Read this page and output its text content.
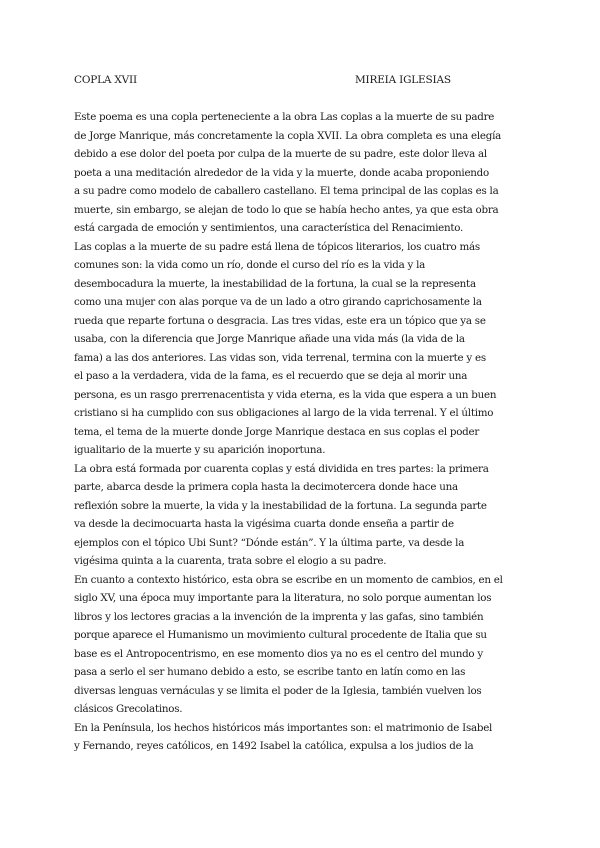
COPLA XVII	MIREIA IGLESIAS
Este poema es una copla perteneciente a la obra Las coplas a la muerte de su padre
de Jorge Manrique, más concretamente la copla XVII. La obra completa es una elegía
debido a ese dolor del poeta por culpa de la muerte de su padre, este dolor lleva al
poeta a una meditación alrededor de la vida y la muerte, donde acaba proponiendo
a su padre como modelo de caballero castellano. El tema principal de las coplas es la
muerte, sin embargo, se alejan de todo lo que se había hecho antes, ya que esta obra
está cargada de emoción y sentimientos, una característica del Renacimiento.
Las coplas a la muerte de su padre está llena de tópicos literarios, los cuatro más
comunes son: la vida como un río, donde el curso del río es la vida y la
desembocadura la muerte, la inestabilidad de la fortuna, la cual se la representa
como una mujer con alas porque va de un lado a otro girando caprichosamente la
rueda que reparte fortuna o desgracia. Las tres vidas, este era un tópico que ya se
usaba, con la diferencia que Jorge Manrique añade una vida más (la vida de la
fama) a las dos anteriores. Las vidas son, vida terrenal, termina con la muerte y es
el paso a la verdadera, vida de la fama, es el recuerdo que se deja al morir una
persona, es un rasgo prerrenacentista y vida eterna, es la vida que espera a un buen
cristiano si ha cumplido con sus obligaciones al largo de la vida terrenal. Y el último
tema, el tema de la muerte donde Jorge Manrique destaca en sus coplas el poder
igualitario de la muerte y su aparición inoportuna.
La obra está formada por cuarenta coplas y está dividida en tres partes: la primera
parte, abarca desde la primera copla hasta la decimotercera donde hace una
reflexión sobre la muerte, la vida y la inestabilidad de la fortuna. La segunda parte
va desde la decimocuarta hasta la vigésima cuarta donde enseña a partir de
ejemplos con el tópico Ubi Sunt? “Dónde están”. Y la última parte, va desde la
vigésima quinta a la cuarenta, trata sobre el elogio a su padre.
En cuanto a contexto histórico, esta obra se escribe en un momento de cambios, en el
siglo XV, una época muy importante para la literatura, no solo porque aumentan los
libros y los lectores gracias a la invención de la imprenta y las gafas, sino también
porque aparece el Humanismo un movimiento cultural procedente de Italia que su
base es el Antropocentrismo, en ese momento dios ya no es el centro del mundo y
pasa a serlo el ser humano debido a esto, se escribe tanto en latín como en las
diversas lenguas vernáculas y se limita el poder de la Iglesia, también vuelven los
clásicos Grecolatinos.
En la Península, los hechos históricos más importantes son: el matrimonio de Isabel
y Fernando, reyes católicos, en 1492 Isabel la católica, expulsa a los judios de la
